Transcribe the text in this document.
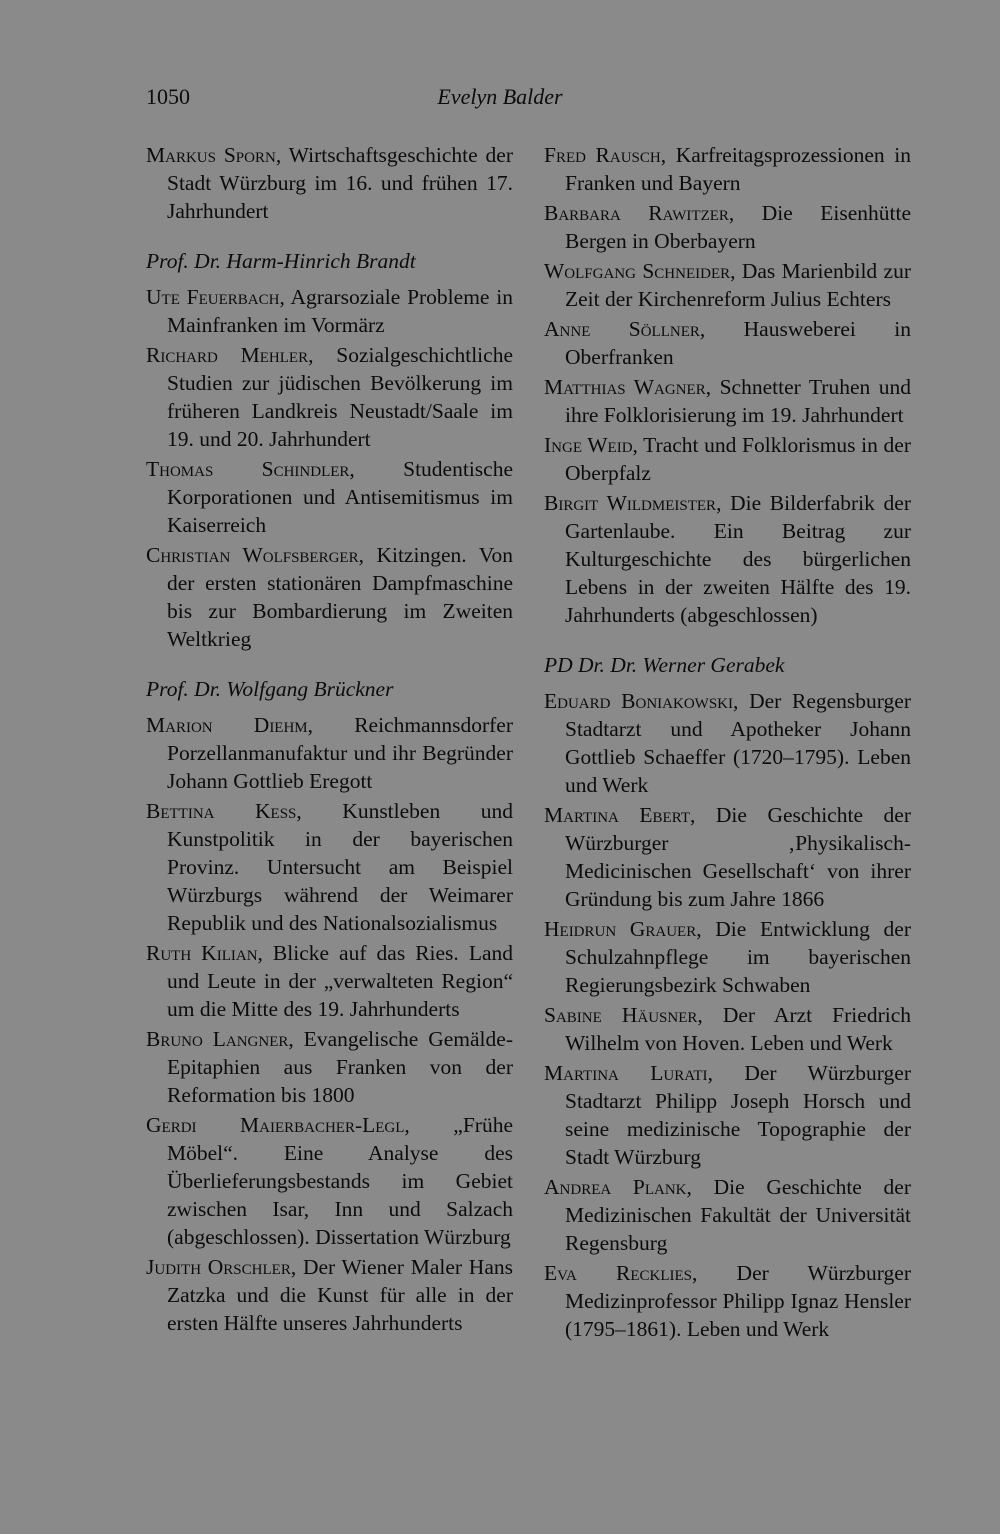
1050	Evelyn Balder
Markus Sporn, Wirtschaftsgeschichte der Stadt Würzburg im 16. und frühen 17. Jahrhundert
Prof. Dr. Harm-Hinrich Brandt
Ute Feuerbach, Agrarsoziale Probleme in Mainfranken im Vormärz
Richard Mehler, Sozialgeschichtliche Studien zur jüdischen Bevölkerung im früheren Landkreis Neustadt/Saale im 19. und 20. Jahrhundert
Thomas Schindler, Studentische Korporationen und Antisemitismus im Kaiserreich
Christian Wolfsberger, Kitzingen. Von der ersten stationären Dampfmaschine bis zur Bombardierung im Zweiten Weltkrieg
Prof. Dr. Wolfgang Brückner
Marion Diehm, Reichmannsdorfer Porzellanmanufaktur und ihr Begründer Johann Gottlieb Eregott
Bettina Kess, Kunstleben und Kunstpolitik in der bayerischen Provinz. Untersucht am Beispiel Würzburgs während der Weimarer Republik und des Nationalsozialismus
Ruth Kilian, Blicke auf das Ries. Land und Leute in der „verwalteten Region“ um die Mitte des 19. Jahrhunderts
Bruno Langner, Evangelische Gemälde-Epitaphien aus Franken von der Reformation bis 1800
Gerdi Maierbacher-Legl, „Frühe Möbel“. Eine Analyse des Überlieferungsbestands im Gebiet zwischen Isar, Inn und Salzach (abgeschlossen). Dissertation Würzburg
Judith Orschler, Der Wiener Maler Hans Zatzka und die Kunst für alle in der ersten Hälfte unseres Jahrhunderts
Fred Rausch, Karfreitagsprozessionen in Franken und Bayern
Barbara Rawitzer, Die Eisenhütte Bergen in Oberbayern
Wolfgang Schneider, Das Marienbild zur Zeit der Kirchenreform Julius Echters
Anne Söllner, Hausweberei in Oberfranken
Matthias Wagner, Schnetter Truhen und ihre Folklorisierung im 19. Jahrhundert
Inge Weid, Tracht und Folklorismus in der Oberpfalz
Birgit Wildmeister, Die Bilderfabrik der Gartenlaube. Ein Beitrag zur Kulturgeschichte des bürgerlichen Lebens in der zweiten Hälfte des 19. Jahrhunderts (abgeschlossen)
PD Dr. Dr. Werner Gerabek
Eduard Boniakowski, Der Regensburger Stadtarzt und Apotheker Johann Gottlieb Schaeffer (1720–1795). Leben und Werk
Martina Ebert, Die Geschichte der Würzburger ‚Physikalisch-Medicinischen Gesellschaft‘ von ihrer Gründung bis zum Jahre 1866
Heidrun Grauer, Die Entwicklung der Schulzahnpflege im bayerischen Regierungsbezirk Schwaben
Sabine Häusner, Der Arzt Friedrich Wilhelm von Hoven. Leben und Werk
Martina Lurati, Der Würzburger Stadtarzt Philipp Joseph Horsch und seine medizinische Topographie der Stadt Würzburg
Andrea Plank, Die Geschichte der Medizinischen Fakultät der Universität Regensburg
Eva Recklies, Der Würzburger Medizinprofessor Philipp Ignaz Hensler (1795–1861). Leben und Werk
